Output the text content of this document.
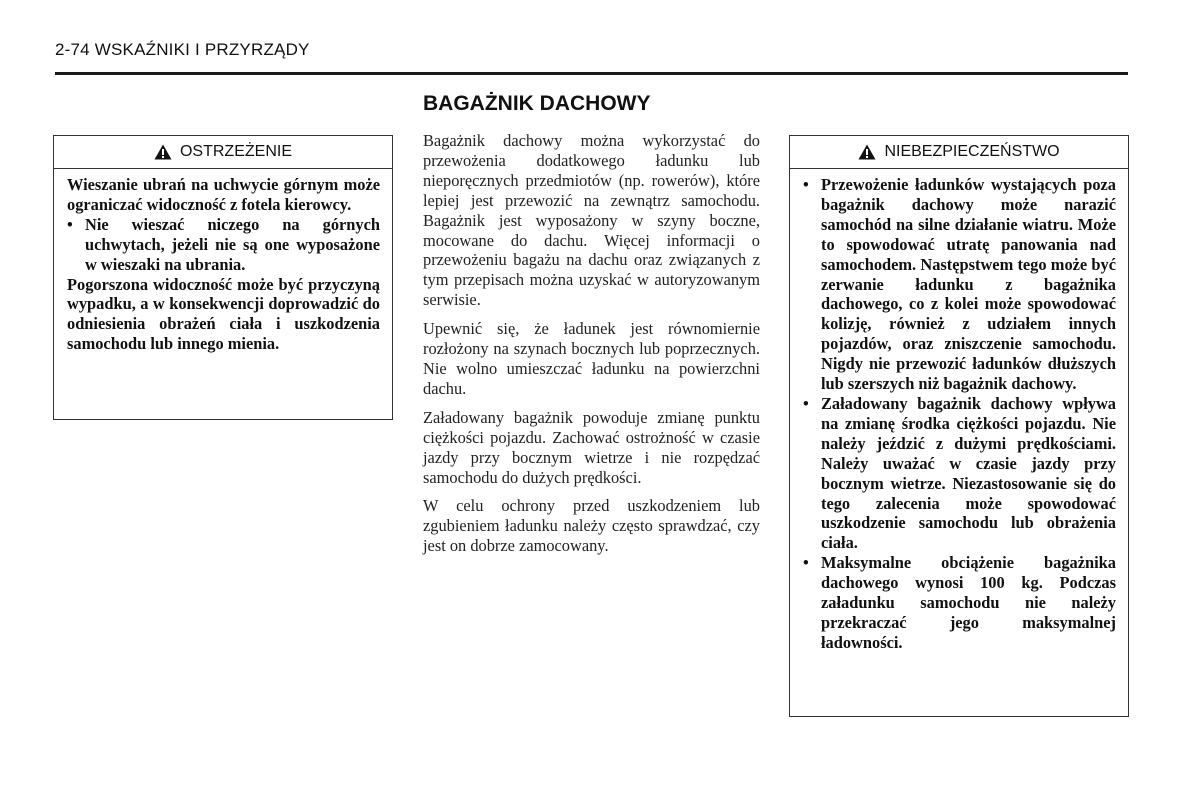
2-74 WSKAŹNIKI I PRZYRZĄDY
OSTRZEŻENIE

Wieszanie ubrań na uchwycie górnym może ograniczać widoczność z fotela kierowcy.

• Nie wieszać niczego na górnych uchwytach, jeżeli nie są one wyposażone w wieszaki na ubrania.

Pogorszona widoczność może być przyczyną wypadku, a w konsekwencji doprowadzić do odniesienia obrażeń ciała i uszkodzenia samochodu lub innego mienia.

BAGAŻNIK DACHOWY

Bagażnik dachowy można wykorzystać do przewożenia dodatkowego ładunku lub nieporęcznych przedmiotów (np. rowerów), które lepiej jest przewozić na zewnątrz samochodu. Bagażnik jest wyposażony w szyny boczne, mocowane do dachu. Więcej informacji o przewożeniu bagażu na dachu oraz związanych z tym przepisach można uzyskać w autoryzowanym serwisie.

Upewnić się, że ładunek jest równomiernie rozłożony na szynach bocznych lub poprzecznych. Nie wolno umieszczać ładunku na powierzchni dachu.

Załadowany bagażnik powoduje zmianę punktu ciężkości pojazdu. Zachować ostrożność w czasie jazdy przy bocznym wietrze i nie rozpędzać samochodu do dużych prędkości.

W celu ochrony przed uszkodzeniem lub zgubieniem ładunku należy często sprawdzać, czy jest on dobrze zamocowany.

NIEBEZPIECZEŃSTWO
• Przewożenie ładunków wystających poza bagażnik dachowy może narazić samochód na silne działanie wiatru. Może to spowodować utratę panowania nad samochodem. Następstwem tego może być zerwanie ładunku z bagażnika dachowego, co z kolei może spowodować kolizję, również z udziałem innych pojazdów, oraz zniszczenie samochodu. Nigdy nie przewozić ładunków dłuższych lub szerszych niż bagażnik dachowy.
• Załadowany bagażnik dachowy wpływa na zmianę środka ciężkości pojazdu. Nie należy jeździć z dużymi prędkościami. Należy uważać w czasie jazdy przy bocznym wietrze. Niezastosowanie się do tego zalecenia może spowodować uszkodzenie samochodu lub obrażenia ciała.
• Maksymalne obciążenie bagażnika dachowego wynosi 100 kg. Podczas załadunku samochodu nie należy przekraczać jego maksymalnej ładowności.
